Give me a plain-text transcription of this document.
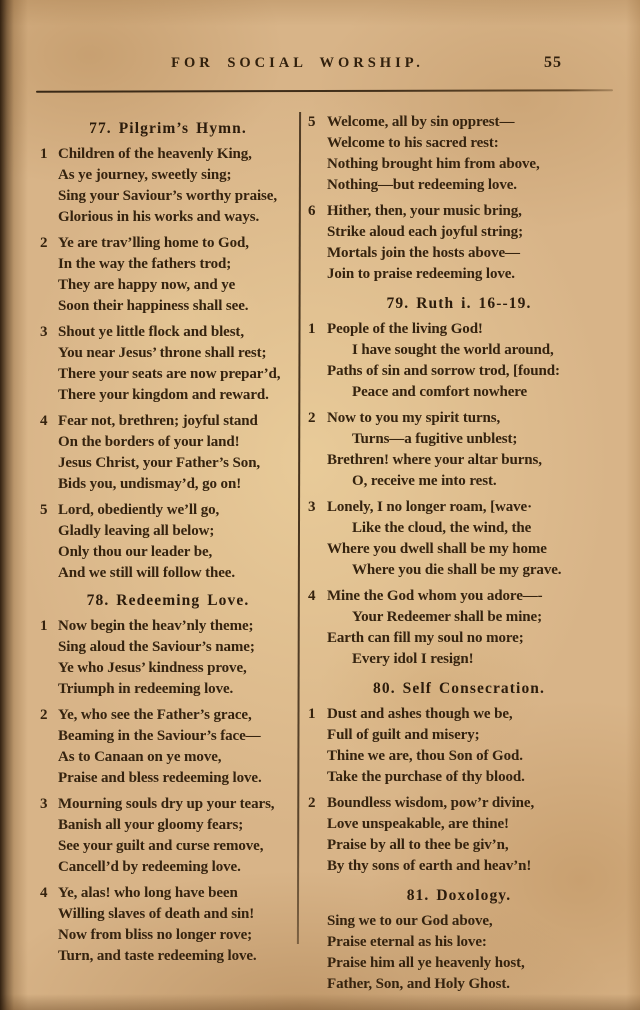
FOR SOCIAL WORSHIP.	55
77. Pilgrim’s Hymn.
1 Children of the heavenly King,
As ye journey, sweetly sing;
Sing your Saviour’s worthy praise,
Glorious in his works and ways.
2 Ye are trav’lling home to God,
In the way the fathers trod;
They are happy now, and ye
Soon their happiness shall see.
3 Shout ye little flock and blest,
You near Jesus’ throne shall rest;
There your seats are now prepar’d,
There your kingdom and reward.
4 Fear not, brethren; joyful stand
On the borders of your land!
Jesus Christ, your Father’s Son,
Bids you, undismay’d, go on!
5 Lord, obediently we’ll go,
Gladly leaving all below;
Only thou our leader be,
And we still will follow thee.
78. Redeeming Love.
1 Now begin the heav’nly theme;
Sing aloud the Saviour’s name;
Ye who Jesus’ kindness prove,
Triumph in redeeming love.
2 Ye, who see the Father’s grace,
Beaming in the Saviour’s face—
As to Canaan on ye move,
Praise and bless redeeming love.
3 Mourning souls dry up your tears,
Banish all your gloomy fears;
See your guilt and curse remove,
Cancell’d by redeeming love.
4 Ye, alas! who long have been
Willing slaves of death and sin!
Now from bliss no longer rove;
Turn, and taste redeeming love.
5 Welcome, all by sin opprest—
Welcome to his sacred rest:
Nothing brought him from above,
Nothing—but redeeming love.
6 Hither, then, your music bring,
Strike aloud each joyful string;
Mortals join the hosts above—
Join to praise redeeming love.
79. Ruth i. 16--19.
1 People of the living God!
I have sought the world around,
Paths of sin and sorrow trod, [found:
Peace and comfort nowhere
2 Now to you my spirit turns,
Turns—a fugitive unblest;
Brethren! where your altar burns,
O, receive me into rest.
3 Lonely, I no longer roam, [wave·
Like the cloud, the wind, the
Where you dwell shall be my home
Where you die shall be my grave.
4 Mine the God whom you adore—-
Your Redeemer shall be mine;
Earth can fill my soul no more;
Every idol I resign!
80. Self Consecration.
1 Dust and ashes though we be,
Full of guilt and misery;
Thine we are, thou Son of God.
Take the purchase of thy blood.
2 Boundless wisdom, pow’r divine,
Love unspeakable, are thine!
Praise by all to thee be giv’n,
By thy sons of earth and heav’n!
81. Doxology.
Sing we to our God above,
Praise eternal as his love:
Praise him all ye heavenly host,
Father, Son, and Holy Ghost.
